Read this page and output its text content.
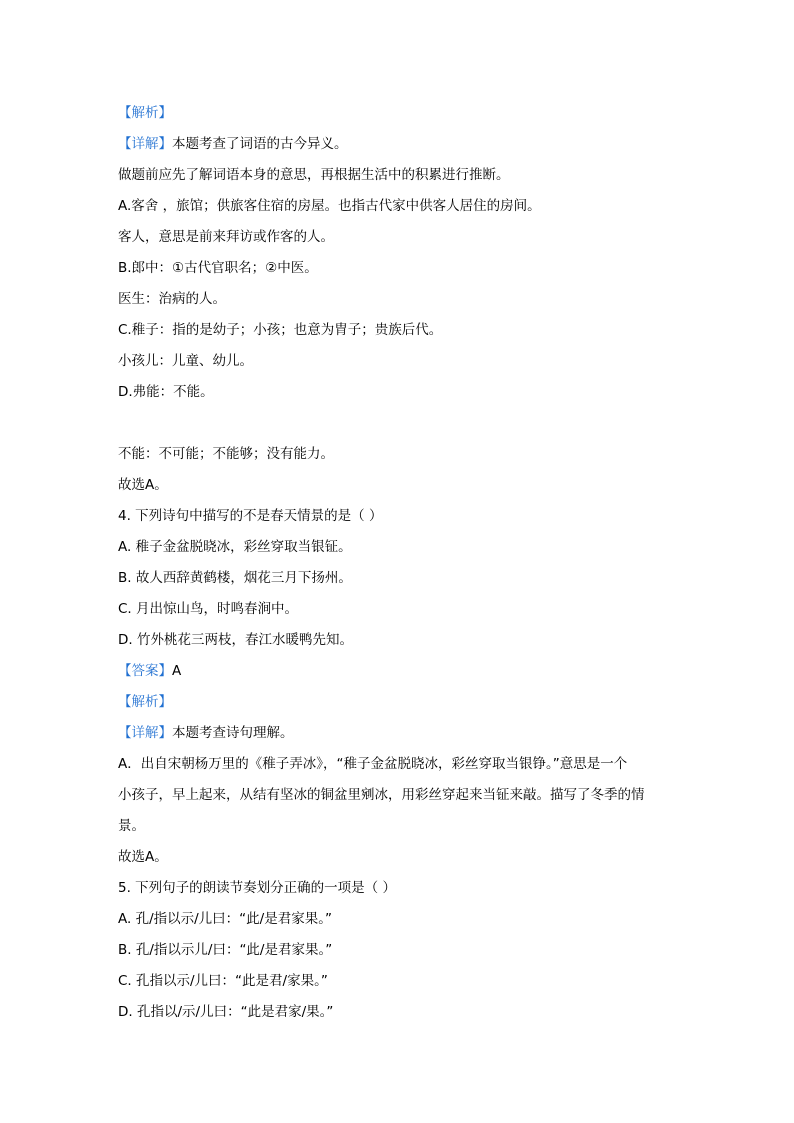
【解析】

【详解】本题考查了词语的古今异义。

做题前应先了解词语本身的意思，再根据生活中的积累进行推断。

A.客舍 ，旅馆；供旅客住宿的房屋。也指古代家中供客人居住的房间。

客人，意思是前来拜访或作客的人。

B.郎中：①古代官职名；②中医。

医生：治病的人。

C.稚子：指的是幼子；小孩；也意为胄子；贵族后代。

小孩儿：儿童、幼儿。

D.弗能：不能。

不能：不可能；不能够；没有能力。

故选A。

4. 下列诗句中描写的不是春天情景的是（ ）

A. 稚子金盆脱晓冰，彩丝穿取当银钲。

B. 故人西辞黄鹤楼，烟花三月下扬州。

C. 月出惊山鸟，时鸣春涧中。

D. 竹外桃花三两枝，春江水暖鸭先知。

【答案】A

【解析】

【详解】本题考查诗句理解。

A．出自宋朝杨万里的《稚子弄冰》，“稚子金盆脱晓冰，彩丝穿取当银铮。”意思是一个

小孩子，早上起来，从结有坚冰的铜盆里剜冰，用彩丝穿起来当钲来敲。描写了冬季的情

景。

故选A。

5. 下列句子的朗读节奏划分正确的一项是（ ）

A. 孔/指以示/儿曰：“此/是君家果。”

B. 孔/指以示儿/曰：“此/是君家果。”

C. 孔指以示/儿曰：“此是君/家果。”

D. 孔指以/示/儿曰：“此是君家/果。”
